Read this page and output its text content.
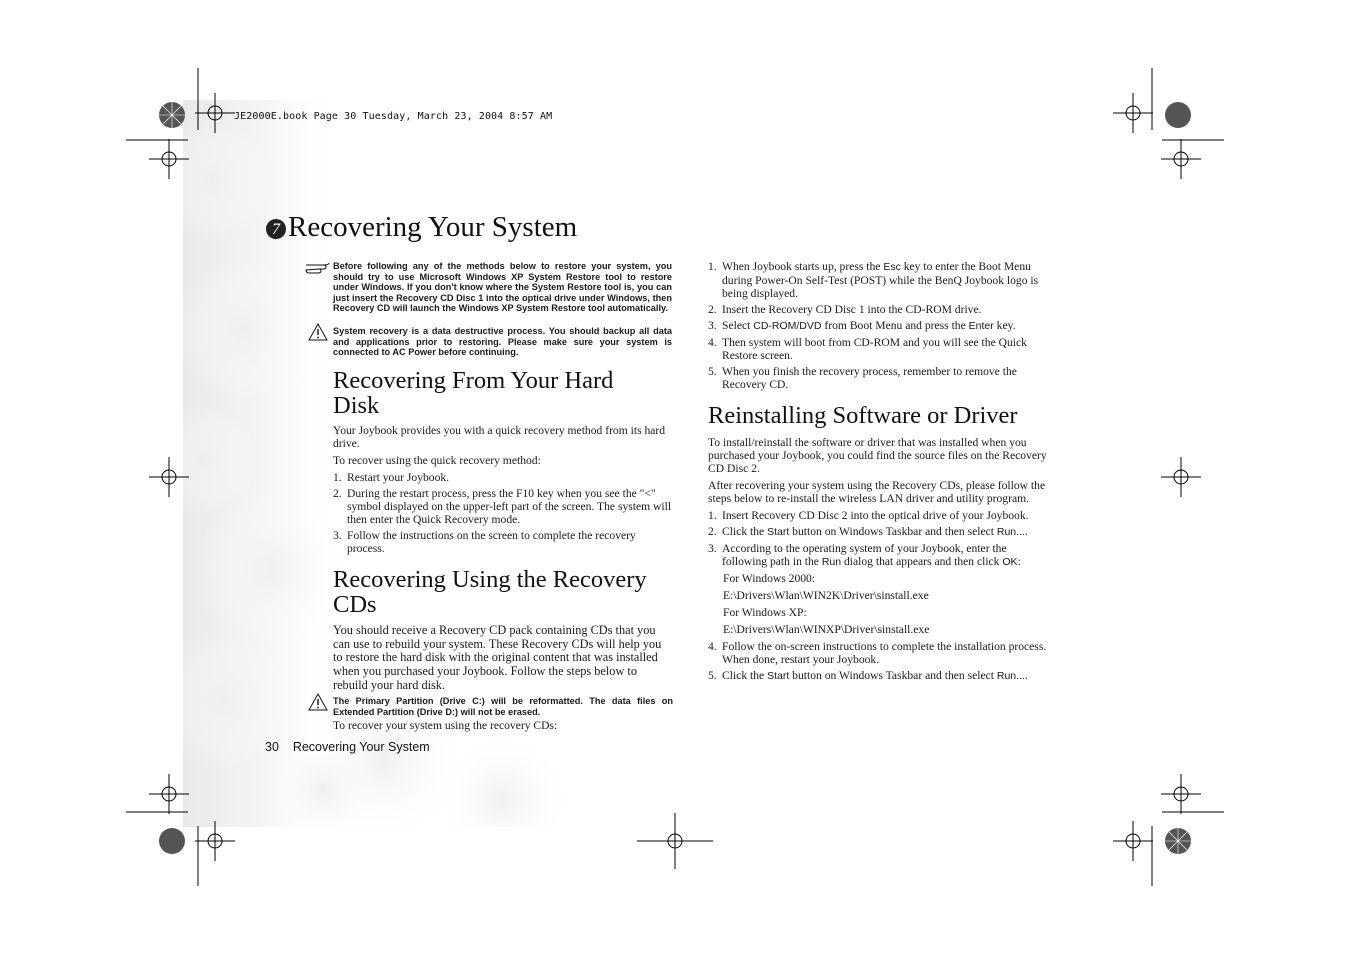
JE2000E.book Page 30 Tuesday, March 23, 2004 8:57 AM
7 Recovering Your System
Before following any of the methods below to restore your system, you should try to use Microsoft Windows XP System Restore tool to restore under Windows. If you don't know where the System Restore tool is, you can just insert the Recovery CD Disc 1 into the optical drive under Windows, then Recovery CD will launch the Windows XP System Restore tool automatically.
System recovery is a data destructive process. You should backup all data and applications prior to restoring. Please make sure your system is connected to AC Power before continuing.
Recovering From Your Hard Disk

Your Joybook provides you with a quick recovery method from its hard drive.

To recover using the quick recovery method:

1. Restart your Joybook.
2. During the restart process, press the F10 key when you see the "<" symbol displayed on the upper-left part of the screen. The system will then enter the Quick Recovery mode.
3. Follow the instructions on the screen to complete the recovery process.
Recovering Using the Recovery CDs

You should receive a Recovery CD pack containing CDs that you can use to rebuild your system. These Recovery CDs will help you to restore the hard disk with the original content that was installed when you purchased your Joybook. Follow the steps below to rebuild your hard disk.

The Primary Partition (Drive C:) will be reformatted. The data files on Extended Partition (Drive D:) will not be erased.
To recover your system using the recovery CDs:
1. When Joybook starts up, press the Esc key to enter the Boot Menu during Power-On Self-Test (POST) while the BenQ Joybook logo is being displayed.
2. Insert the Recovery CD Disc 1 into the CD-ROM drive.
3. Select CD-ROM/DVD from Boot Menu and press the Enter key.
4. Then system will boot from CD-ROM and you will see the Quick Restore screen.
5. When you finish the recovery process, remember to remove the Recovery CD.
Reinstalling Software or Driver

To install/reinstall the software or driver that was installed when you purchased your Joybook, you could find the source files on the Recovery CD Disc 2.

After recovering your system using the Recovery CDs, please follow the steps below to re-install the wireless LAN driver and utility program.

1. Insert Recovery CD Disc 2 into the optical drive of your Joybook.
2. Click the Start button on Windows Taskbar and then select Run....
3. According to the operating system of your Joybook, enter the following path in the Run dialog that appears and then click OK:

For Windows 2000:

E:\Drivers\Wlan\WIN2K\Driver\sinstall.exe

For Windows XP:

E:\Drivers\Wlan\WINXP\Driver\sinstall.exe

4. Follow the on-screen instructions to complete the installation process. When done, restart your Joybook.
5. Click the Start button on Windows Taskbar and then select Run....
30 Recovering Your System
